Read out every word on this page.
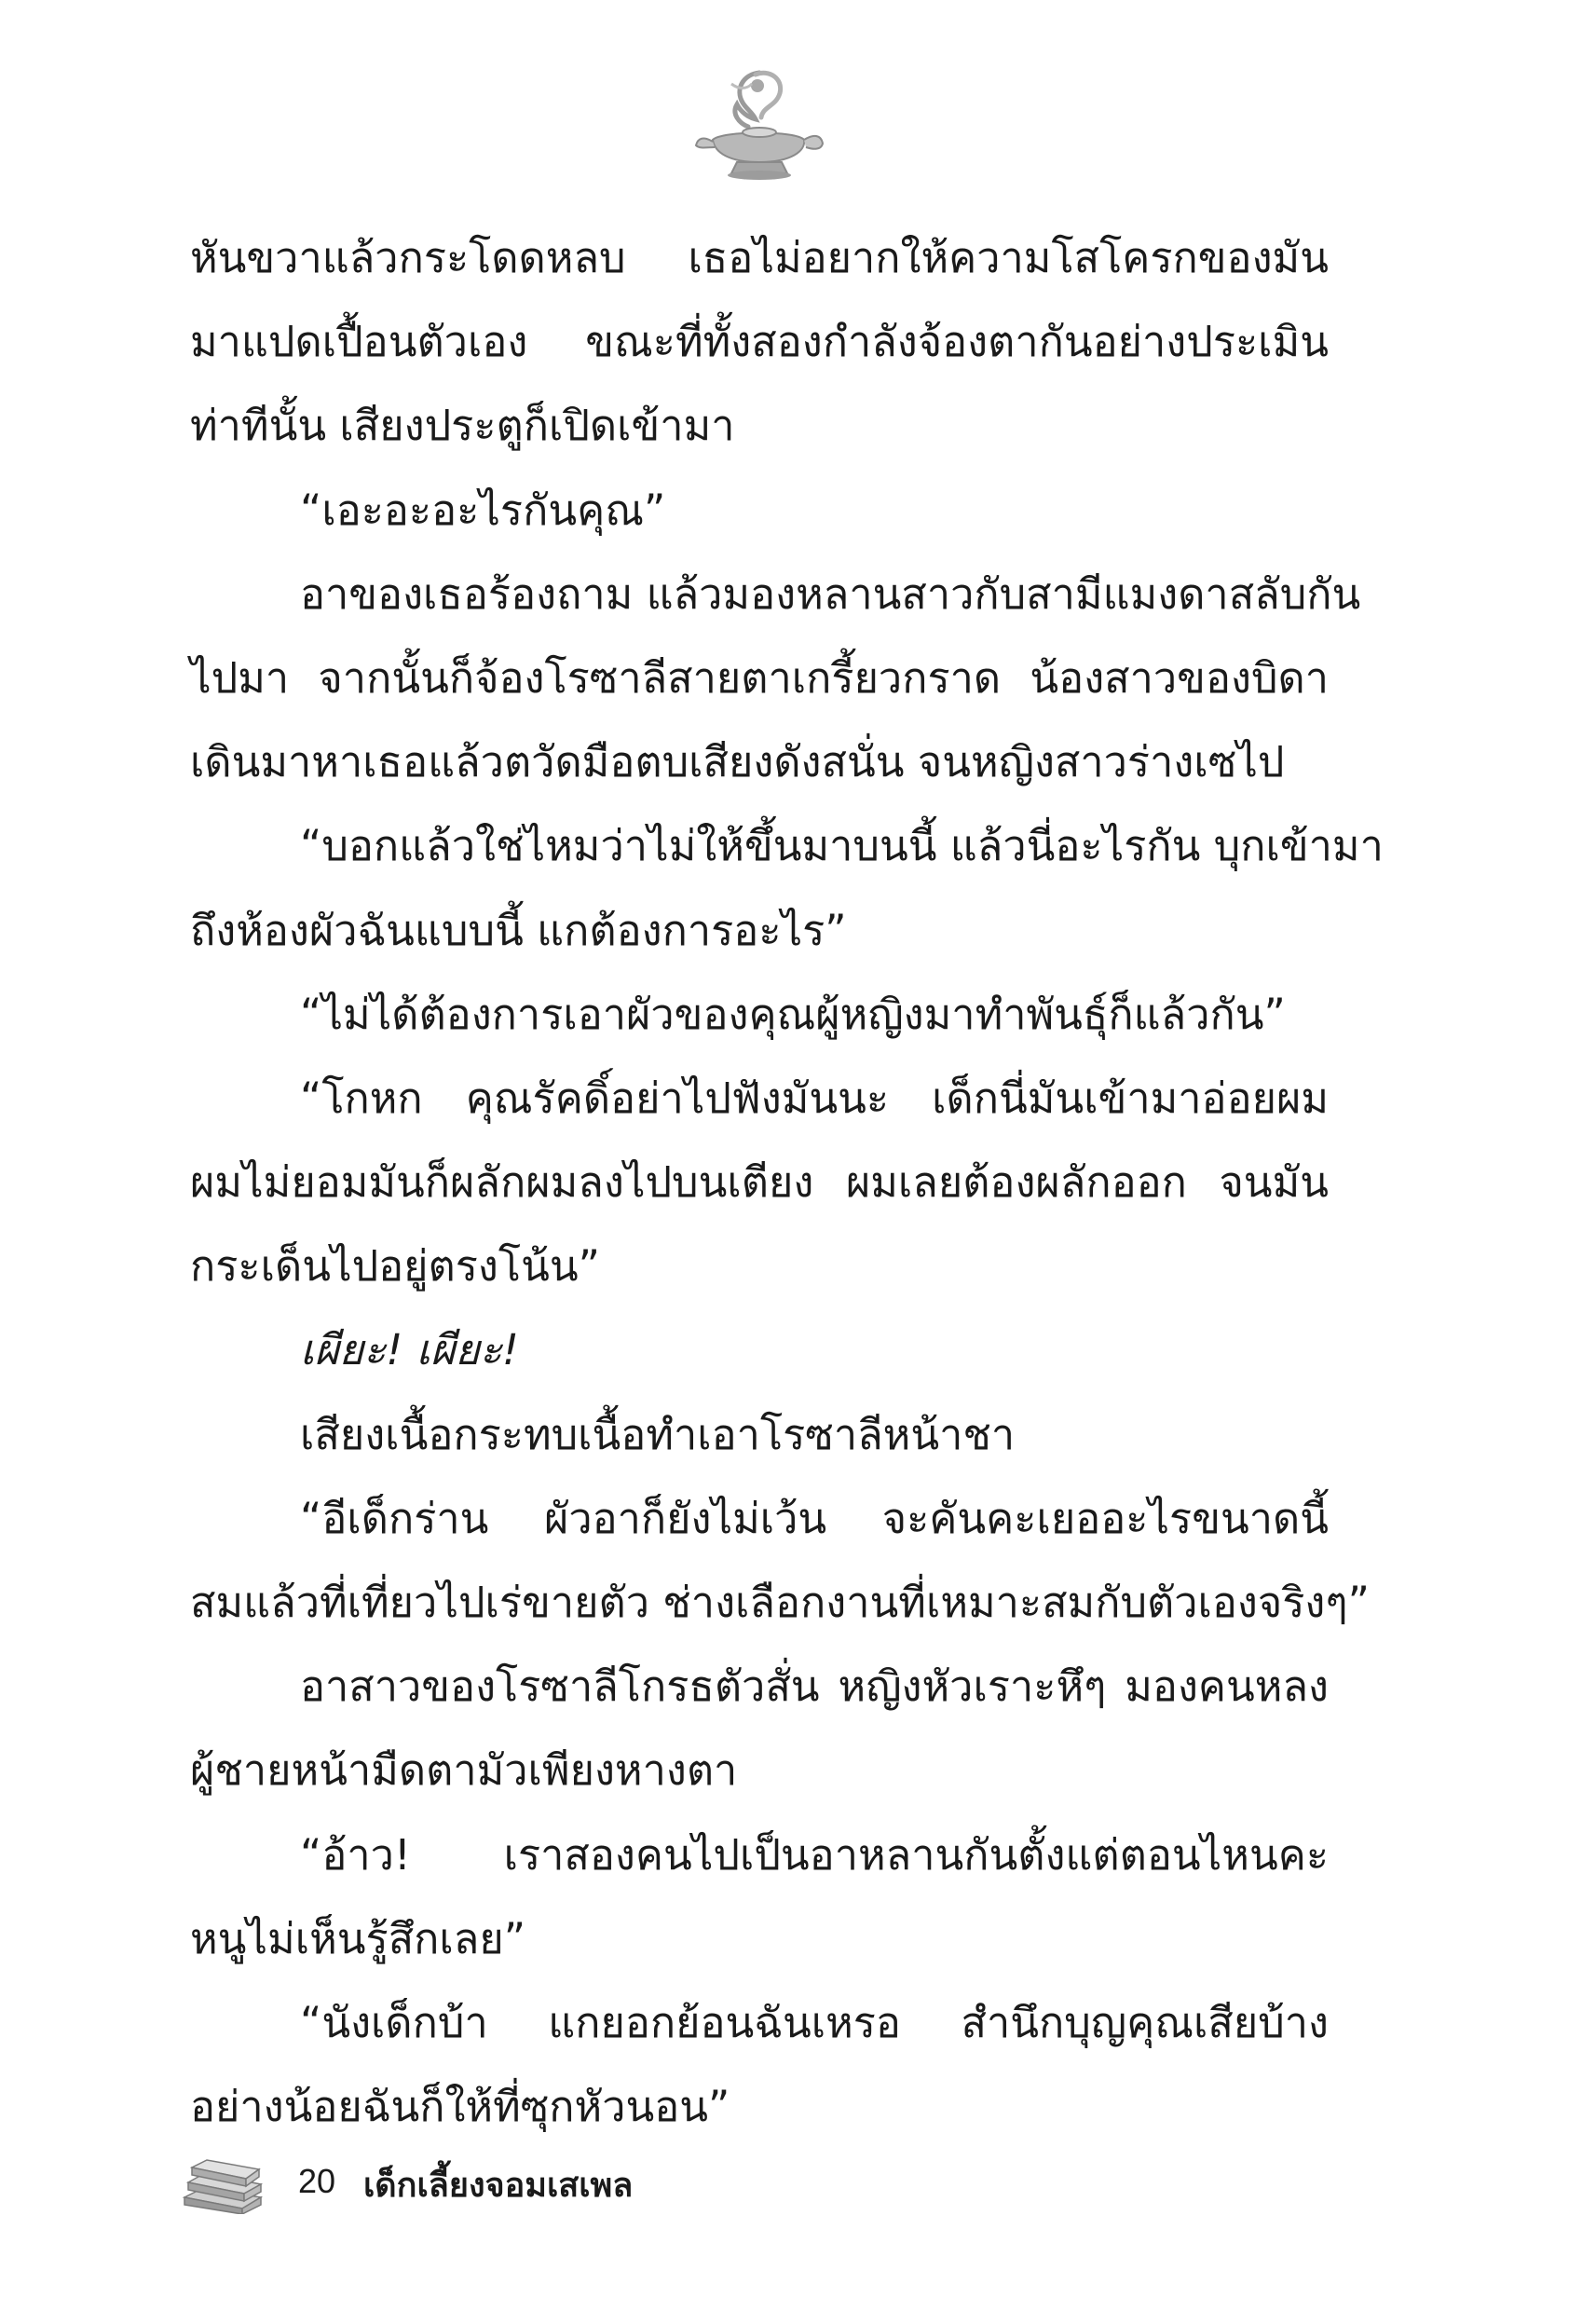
หันขวาแล้วกระโดดหลบ เธอไม่อยากให้ความโสโครกของมัน
มาแปดเปื้อนตัวเอง ขณะที่ทั้งสองกำลังจ้องตากันอย่างประเมิน
ท่าทีนั้น เสียงประตูก็เปิดเข้ามา
“เอะอะอะไรกันคุณ”
อาของเธอร้องถาม แล้วมองหลานสาวกับสามีแมงดาสลับกัน
ไปมา จากนั้นก็จ้องโรซาลีสายตาเกรี้ยวกราด น้องสาวของบิดา
เดินมาหาเธอแล้วตวัดมือตบเสียงดังสนั่น จนหญิงสาวร่างเซไป
“บอกแล้วใช่ไหมว่าไม่ให้ขึ้นมาบนนี้ แล้วนี่อะไรกัน บุกเข้ามา
ถึงห้องผัวฉันแบบนี้ แกต้องการอะไร”
“ไม่ได้ต้องการเอาผัวของคุณผู้หญิงมาทำพันธุ์ก็แล้วกัน”
“โกหก คุณรัคดิ์อย่าไปฟังมันนะ เด็กนี่มันเข้ามาอ่อยผม
ผมไม่ยอมมันก็ผลักผมลงไปบนเตียง ผมเลยต้องผลักออก จนมัน
กระเด็นไปอยู่ตรงโน้น”
เผียะ! เผียะ!
เสียงเนื้อกระทบเนื้อทำเอาโรซาลีหน้าชา
“อีเด็กร่าน ผัวอาก็ยังไม่เว้น จะคันคะเยออะไรขนาดนี้
สมแล้วที่เที่ยวไปเร่ขายตัว ช่างเลือกงานที่เหมาะสมกับตัวเองจริงๆ”
อาสาวของโรซาลีโกรธตัวสั่น หญิงหัวเราะหึๆ มองคนหลง
ผู้ชายหน้ามืดตามัวเพียงหางตา
“อ้าว! เราสองคนไปเป็นอาหลานกันตั้งแต่ตอนไหนคะ
หนูไม่เห็นรู้สึกเลย”
“นังเด็กบ้า แกยอกย้อนฉันเหรอ สำนึกบุญคุณเสียบ้าง
อย่างน้อยฉันก็ให้ที่ซุกหัวนอน”
20 เด็กเลี้ยงจอมเสเพล
